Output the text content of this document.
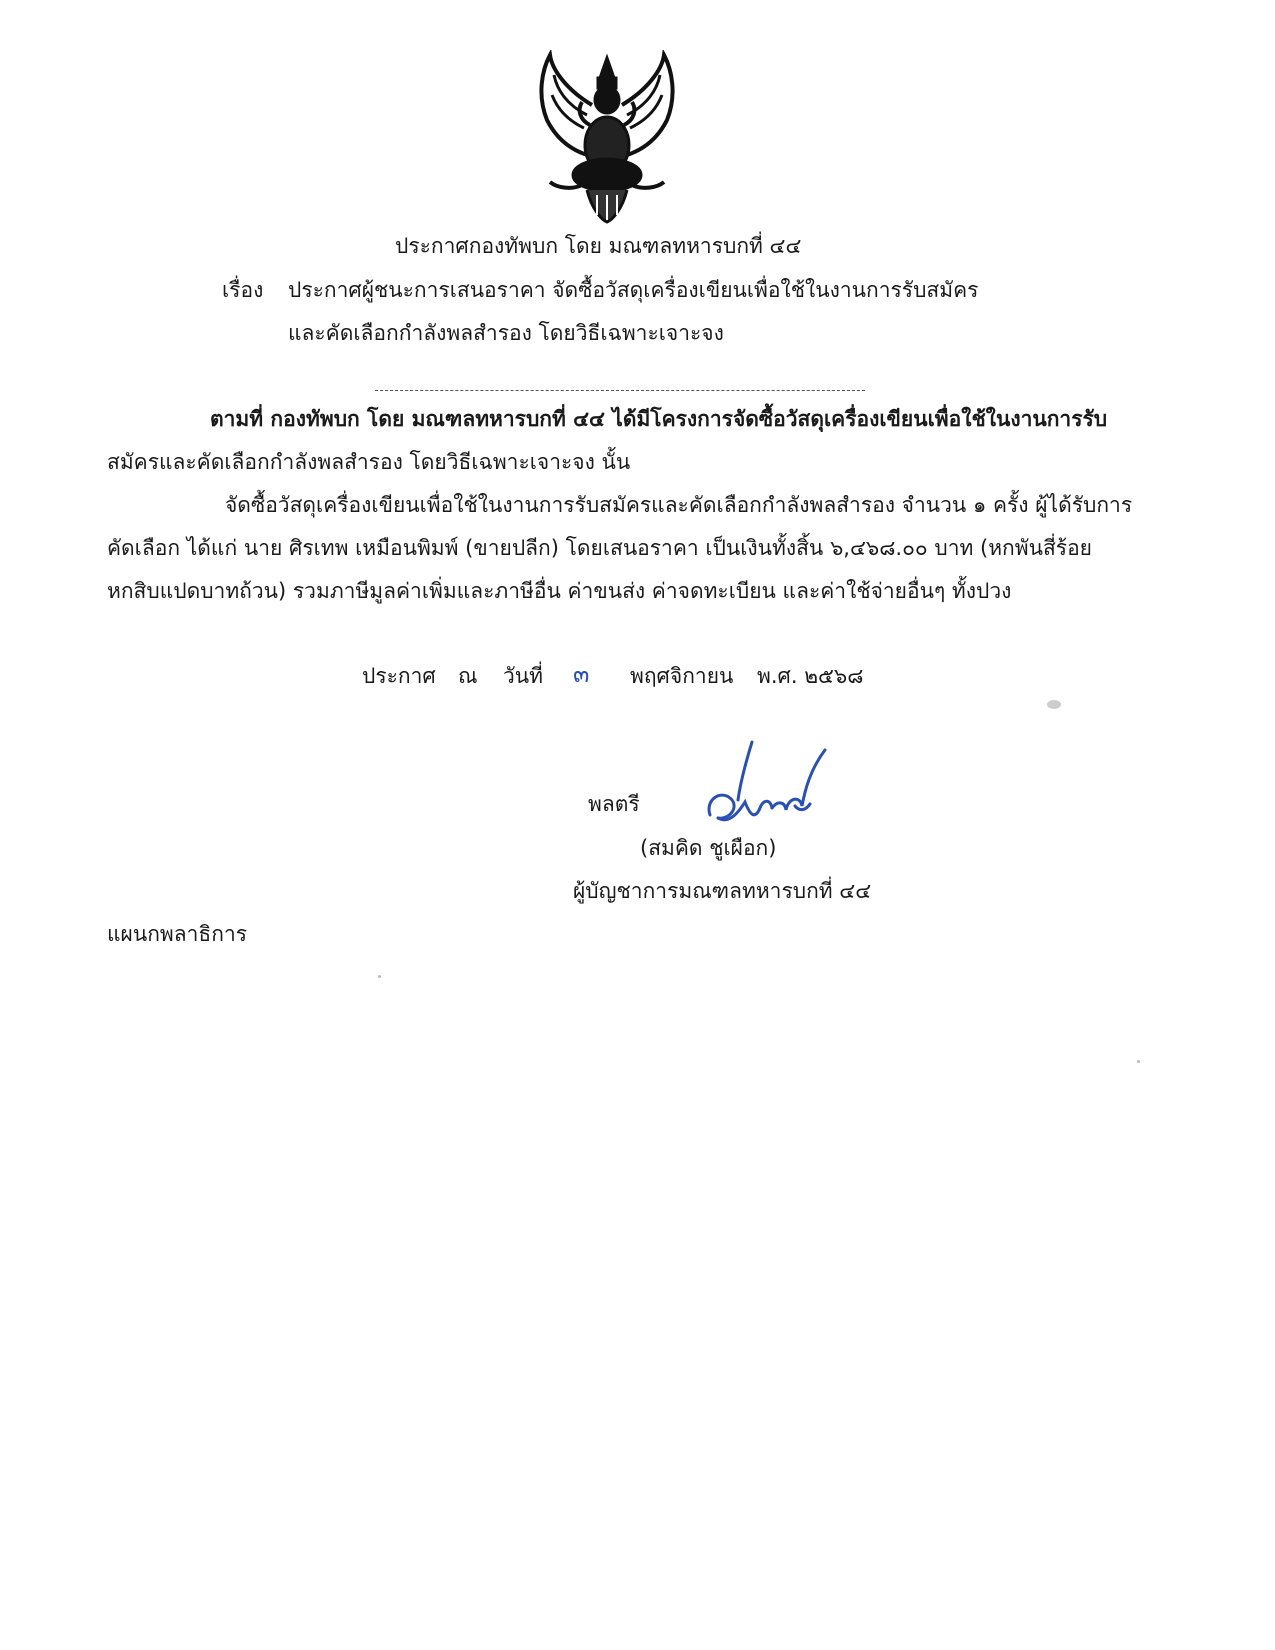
ประกาศกองทัพบก โดย มณฑลทหารบกที่ ๔๔
เรื่อง ประกาศผู้ชนะการเสนอราคา จัดซื้อวัสดุเครื่องเขียนเพื่อใช้ในงานการรับสมัคร
และคัดเลือกกำลังพลสำรอง โดยวิธีเฉพาะเจาะจง
ตามที่ กองทัพบก โดย มณฑลทหารบกที่ ๔๔ ได้มีโครงการจัดซื้อวัสดุเครื่องเขียนเพื่อใช้ในงานการรับ
สมัครและคัดเลือกกำลังพลสำรอง โดยวิธีเฉพาะเจาะจง นั้น
จัดซื้อวัสดุเครื่องเขียนเพื่อใช้ในงานการรับสมัครและคัดเลือกกำลังพลสำรอง จำนวน ๑ ครั้ง ผู้ได้รับการ
คัดเลือก ได้แก่ นาย ศิรเทพ เหมือนพิมพ์ (ขายปลีก) โดยเสนอราคา เป็นเงินทั้งสิ้น ๖,๔๖๘.๐๐ บาท (หกพันสี่ร้อย
หกสิบแปดบาทถ้วน) รวมภาษีมูลค่าเพิ่มและภาษีอื่น ค่าขนส่ง ค่าจดทะเบียน และค่าใช้จ่ายอื่นๆ ทั้งปวง
ประกาศ ณ วันที่ ๓ พฤศจิกายน พ.ศ. ๒๕๖๘
พลตรี
(สมคิด ชูเผือก)
ผู้บัญชาการมณฑลทหารบกที่ ๔๔
แผนกพลาธิการ
